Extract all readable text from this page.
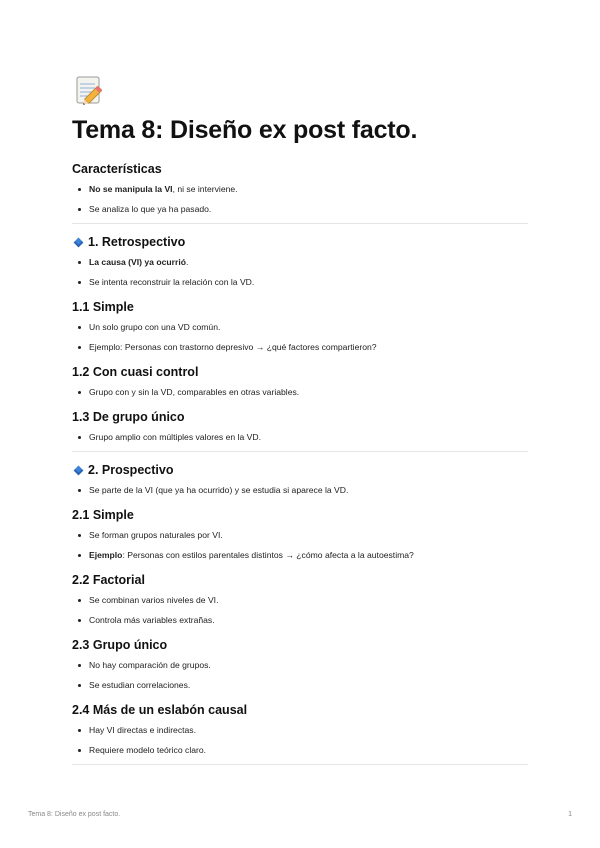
Tema 8: Diseño ex post facto.
Características
No se manipula la VI, ni se interviene.
Se analiza lo que ya ha pasado.
1. Retrospectivo
La causa (VI) ya ocurrió.
Se intenta reconstruir la relación con la VD.
1.1 Simple
Un solo grupo con una VD común.
Ejemplo: Personas con trastorno depresivo → ¿qué factores compartieron?
1.2 Con cuasi control
Grupo con y sin la VD, comparables en otras variables.
1.3 De grupo único
Grupo amplio con múltiples valores en la VD.
2. Prospectivo
Se parte de la VI (que ya ha ocurrido) y se estudia si aparece la VD.
2.1 Simple
Se forman grupos naturales por VI.
Ejemplo: Personas con estilos parentales distintos → ¿cómo afecta a la autoestima?
2.2 Factorial
Se combinan varios niveles de VI.
Controla más variables extrañas.
2.3 Grupo único
No hay comparación de grupos.
Se estudian correlaciones.
2.4 Más de un eslabón causal
Hay VI directas e indirectas.
Requiere modelo teórico claro.
Tema 8: Diseño ex post facto.	1
